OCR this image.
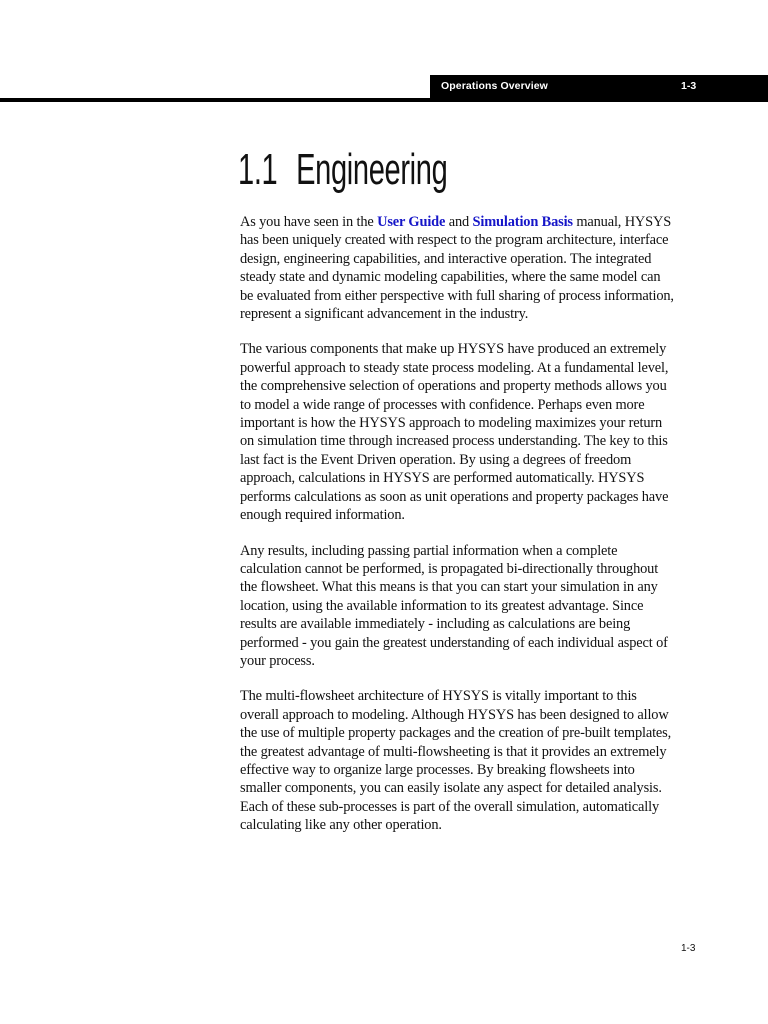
Operations Overview	1-3
1.1 Engineering

As you have seen in the User Guide and Simulation Basis manual, HYSYS has been uniquely created with respect to the program architecture, interface design, engineering capabilities, and interactive operation. The integrated steady state and dynamic modeling capabilities, where the same model can be evaluated from either perspective with full sharing of process information, represent a significant advancement in the industry.

The various components that make up HYSYS have produced an extremely powerful approach to steady state process modeling. At a fundamental level, the comprehensive selection of operations and property methods allows you to model a wide range of processes with confidence. Perhaps even more important is how the HYSYS approach to modeling maximizes your return on simulation time through increased process understanding. The key to this last fact is the Event Driven operation. By using a degrees of freedom approach, calculations in HYSYS are performed automatically. HYSYS performs calculations as soon as unit operations and property packages have enough required information.

Any results, including passing partial information when a complete calculation cannot be performed, is propagated bi-directionally throughout the flowsheet. What this means is that you can start your simulation in any location, using the available information to its greatest advantage. Since results are available immediately - including as calculations are being performed - you gain the greatest understanding of each individual aspect of your process.

The multi-flowsheet architecture of HYSYS is vitally important to this overall approach to modeling. Although HYSYS has been designed to allow the use of multiple property packages and the creation of pre-built templates, the greatest advantage of multi-flowsheeting is that it provides an extremely effective way to organize large processes. By breaking flowsheets into smaller components, you can easily isolate any aspect for detailed analysis. Each of these sub-processes is part of the overall simulation, automatically calculating like any other operation.

1-3
